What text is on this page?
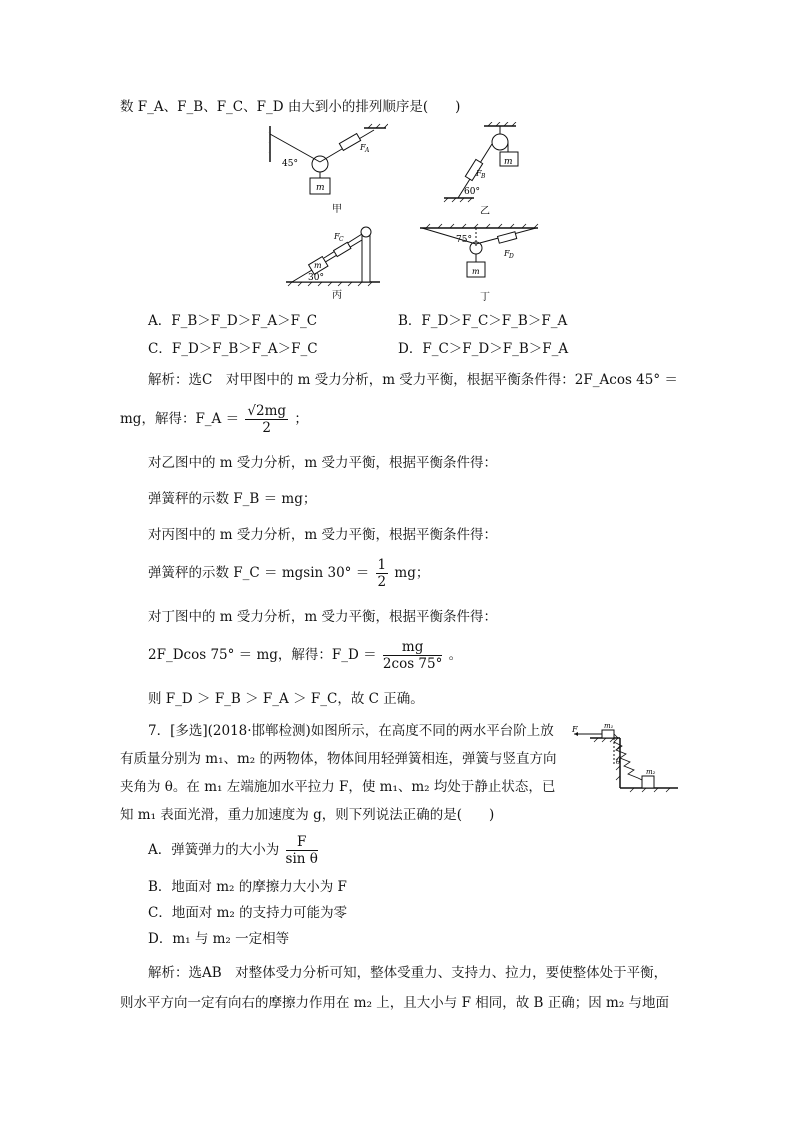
数 F_A、F_B、F_C、F_D 由大到小的排列顺序是(　　)
45°
m
F A
甲
m
F B
60°
乙
m
F C
30°
丙
75°
m
F D
丁
A．F_B＞F_D＞F_A＞F_C	B．F_D＞F_C＞F_B＞F_A
C．F_D＞F_B＞F_A＞F_C	D．F_C＞F_D＞F_B＞F_A
解析：选C　对甲图中的 m 受力分析，m 受力平衡，根据平衡条件得：2F_Acos 45° ＝
mg，解得：F_A ＝ $\frac{√2mg}{2}$ ；
对乙图中的 m 受力分析，m 受力平衡，根据平衡条件得：
弹簧秤的示数 F_B ＝ mg；
对丙图中的 m 受力分析，m 受力平衡，根据平衡条件得：
弹簧秤的示数 F_C ＝ mgsin $30^\circ = \frac{1}{2}$ mg；
对丁图中的 m 受力分析，m 受力平衡，根据平衡条件得：
2F_Dcos 75° ＝ mg，解得：F_D ＝ $\frac{mg}{2\cos 75^\circ}$ 。
则 F_D ＞ F_B ＞ F_A ＞ F_C，故 C 正确。
7．[多选](2018·邯郸检测)如图所示，在高度不同的两水平台阶上放
有质量分别为 m₁、m₂ 的两物体，物体间用轻弹簧相连，弹簧与竖直方向
夹角为 θ。在 m₁ 左端施加水平拉力 F，使 m₁、m₂ 均处于静止状态，已
知 m₁ 表面光滑，重力加速度为 g，则下列说法正确的是(　　)
F	m₁
θ
m₂
A．弹簧弹力的大小为 $\frac{F}{\text{sin θ}}$
B．地面对 m₂ 的摩擦力大小为 F
C．地面对 m₂ 的支持力可能为零
D．m₁ 与 m₂ 一定相等
解析：选AB　对整体受力分析可知，整体受重力、支持力、拉力，要使整体处于平衡，
则水平方向一定有向右的摩擦力作用在 m₂ 上，且大小与 F 相同，故 B 正确；因 m₂ 与地面
